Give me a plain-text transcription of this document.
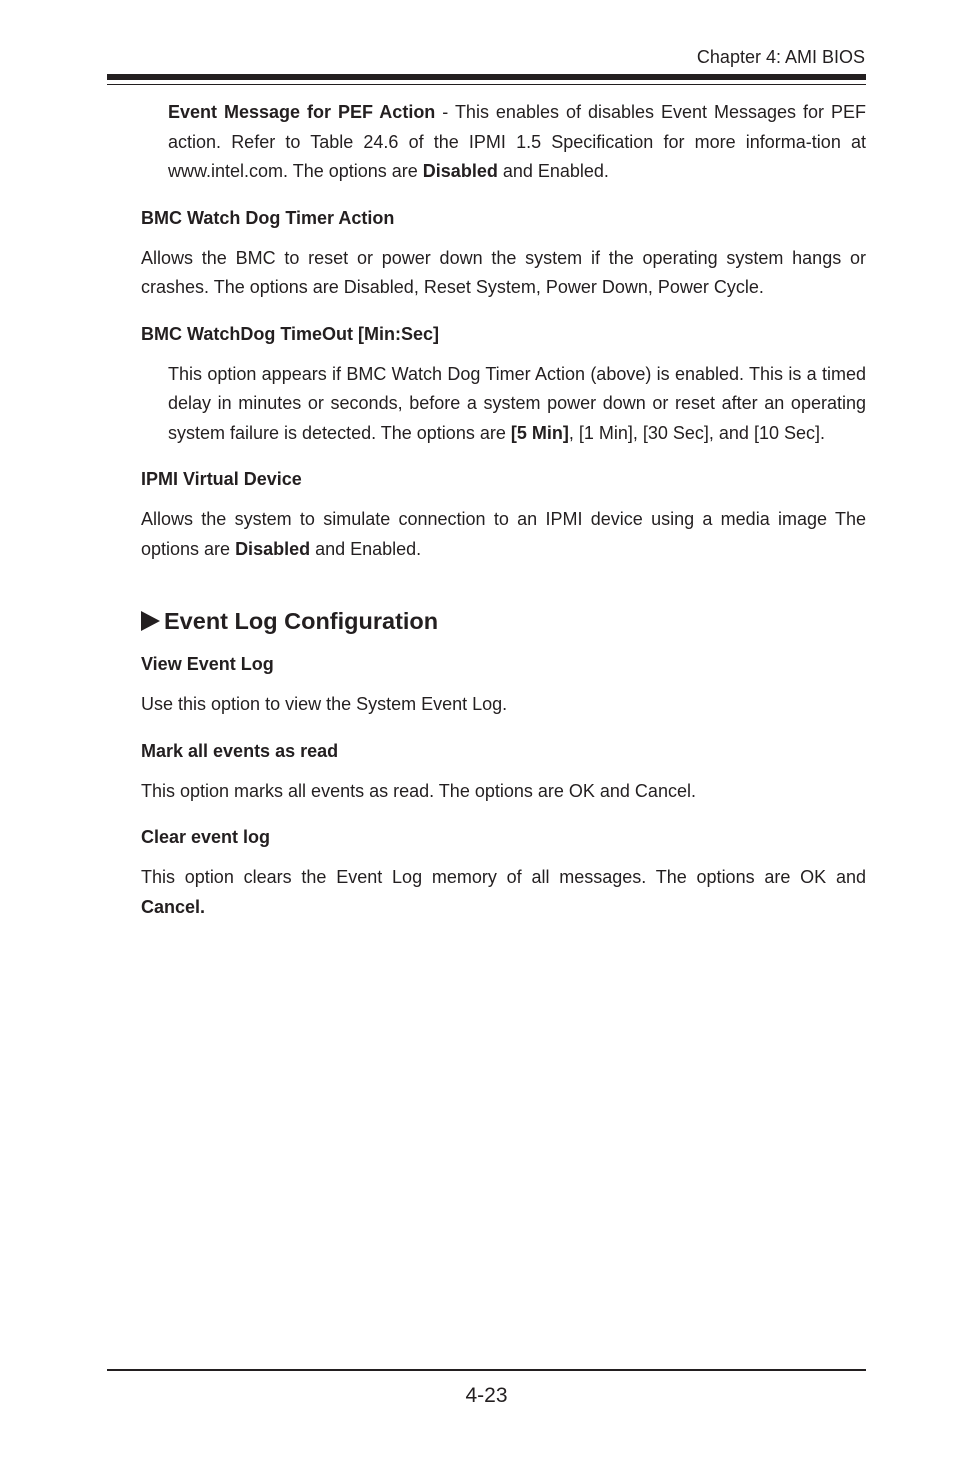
Chapter 4: AMI BIOS

Event Message for PEF Action - This enables of disables Event Messages for PEF action. Refer to Table 24.6 of the IPMI 1.5 Specification for more informa-tion at www.intel.com. The options are Disabled and Enabled.

BMC Watch Dog Timer Action

Allows the BMC to reset or power down the system if the operating system hangs or crashes. The options are Disabled, Reset System, Power Down, Power Cycle.

BMC WatchDog TimeOut [Min:Sec]

This option appears if BMC Watch Dog Timer Action (above) is enabled. This is a timed delay in minutes or seconds, before a system power down or reset after an operating system failure is detected. The options are [5 Min], [1 Min], [30 Sec], and [10 Sec].

IPMI Virtual Device

Allows the system to simulate connection to an IPMI device using a media image The options are Disabled and Enabled.

Event Log Configuration
View Event Log

Use this option to view the System Event Log.

Mark all events as read

This option marks all events as read. The options are OK and Cancel.

Clear event log

This option clears the Event Log memory of all messages. The options are OK and Cancel.

4-23
